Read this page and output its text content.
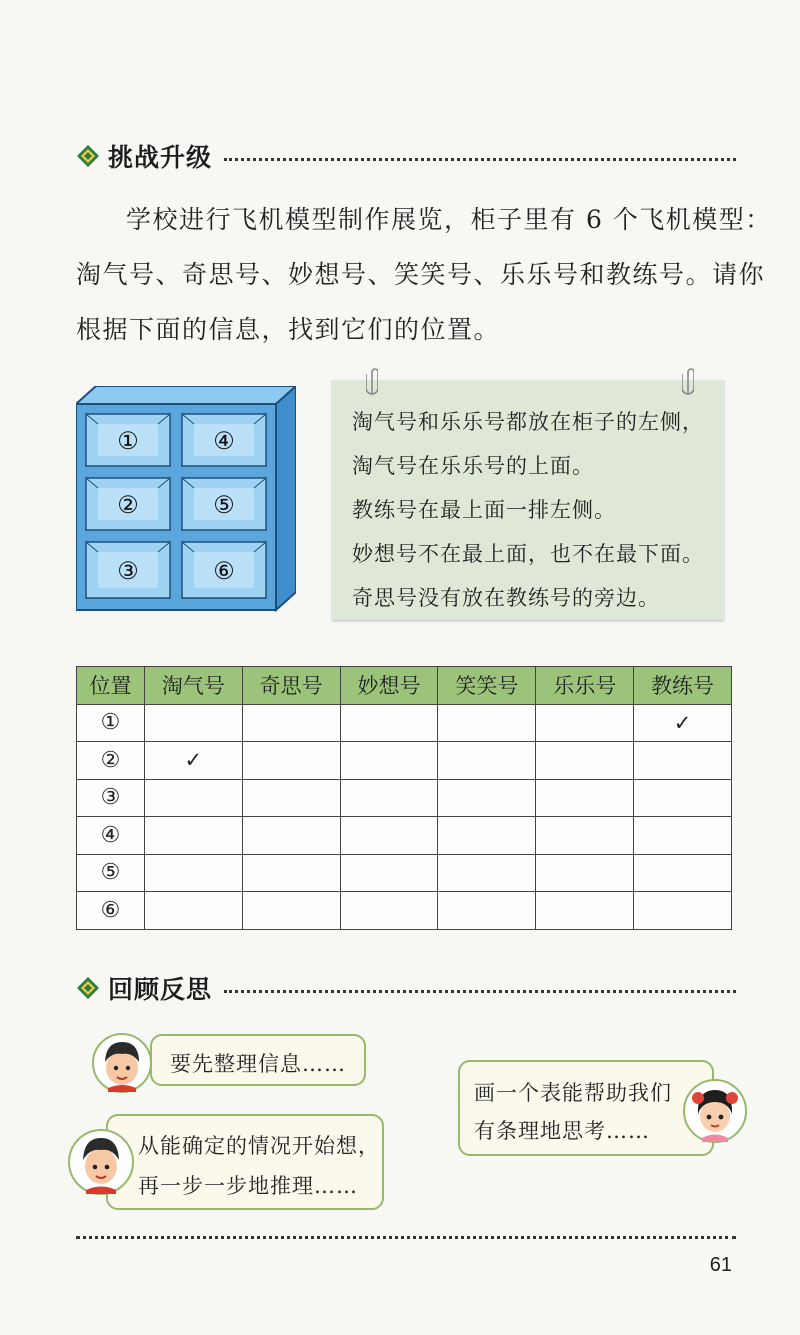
挑战升级
学校进行飞机模型制作展览，柜子里有 6 个飞机模型：
淘气号、奇思号、妙想号、笑笑号、乐乐号和教练号。请你
根据下面的信息，找到它们的位置。
①	④
②	⑤
③	⑥
淘气号和乐乐号都放在柜子的左侧，
淘气号在乐乐号的上面。
教练号在最上面一排左侧。
妙想号不在最上面，也不在最下面。
奇思号没有放在教练号的旁边。
位置	淘气号	奇思号	妙想号	笑笑号	乐乐号	教练号
①						✓
②	✓					
③						
④						
⑤						
⑥						
回顾反思
要先整理信息……
画一个表能帮助我们
有条理地思考……
从能确定的情况开始想，
再一步一步地推理……
61
